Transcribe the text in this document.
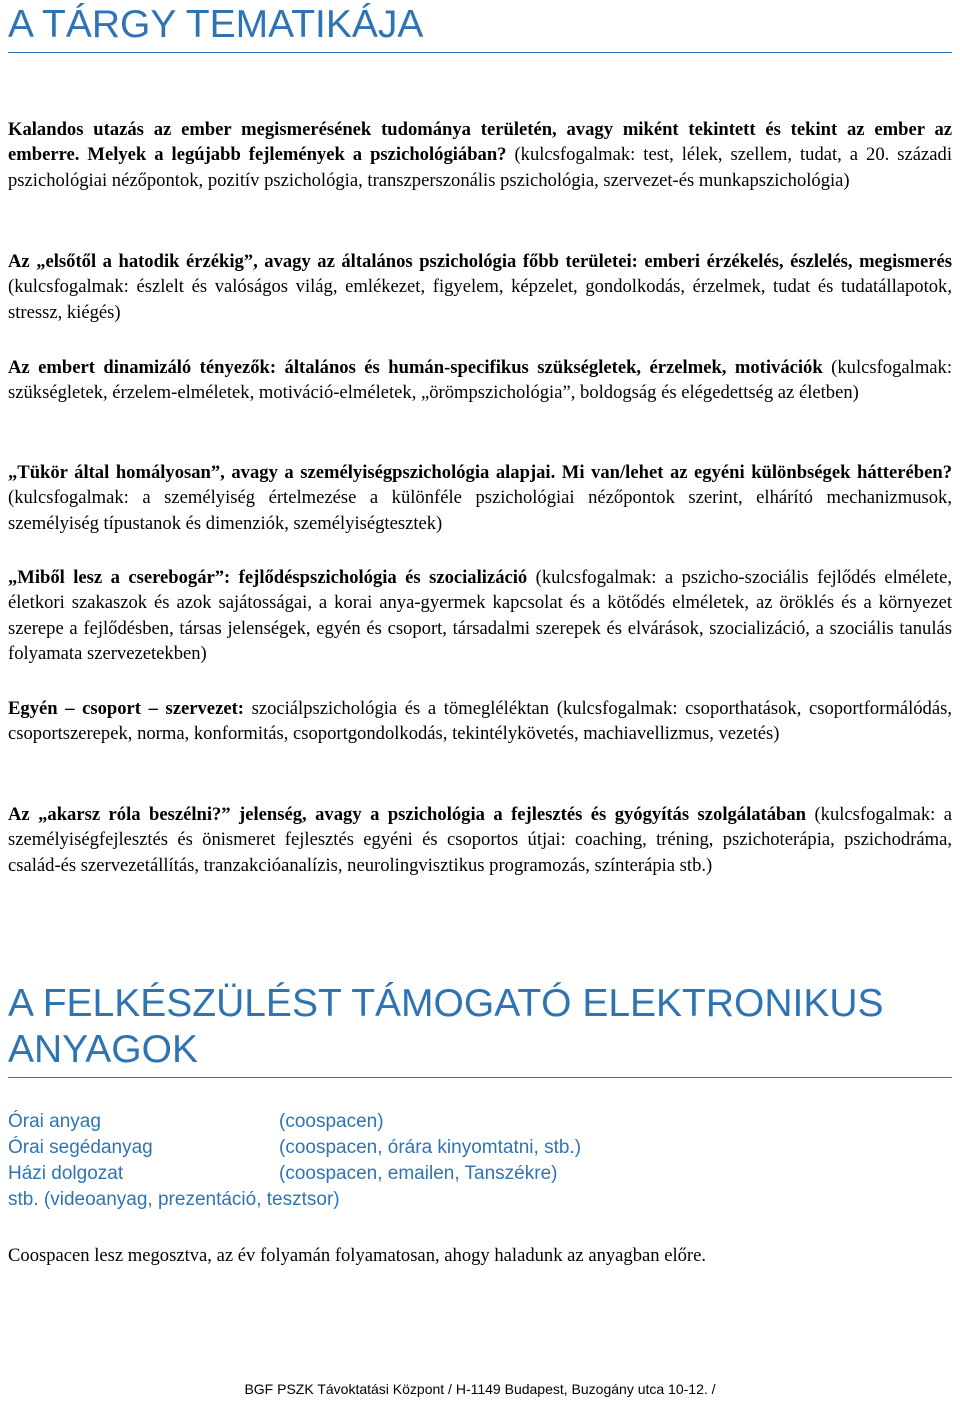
A TÁRGY TEMATIKÁJA

Kalandos utazás az ember megismerésének tudománya területén, avagy miként tekintett és tekint az ember az emberre. Melyek a legújabb fejlemények a pszichológiában? (kulcsfogalmak: test, lélek, szellem, tudat, a 20. századi pszichológiai nézőpontok, pozitív pszichológia, transzperszonális pszichológia, szervezet-és munkapszichológia)

Az „elsőtől a hatodik érzékig”, avagy az általános pszichológia főbb területei: emberi érzékelés, észlelés, megismerés (kulcsfogalmak: észlelt és valóságos világ, emlékezet, figyelem, képzelet, gondolkodás, érzelmek, tudat és tudatállapotok, stressz, kiégés)

Az embert dinamizáló tényezők: általános és humán-specifikus szükségletek, érzelmek, motivációk (kulcsfogalmak: szükségletek, érzelem-elméletek, motiváció-elméletek, „örömpszichológia”, boldogság és elégedettség az életben)

„Tükör által homályosan”, avagy a személyiségpszichológia alapjai. Mi van/lehet az egyéni különbségek hátterében? (kulcsfogalmak: a személyiség értelmezése a különféle pszichológiai nézőpontok szerint, elhárító mechanizmusok, személyiség típustanok és dimenziók, személyiségtesztek)

„Miből lesz a cserebogár”: fejlődéspszichológia és szocializáció (kulcsfogalmak: a pszicho-szociális fejlődés elmélete, életkori szakaszok és azok sajátosságai, a korai anya-gyermek kapcsolat és a kötődés elméletek, az öröklés és a környezet szerepe a fejlődésben, társas jelenségek, egyén és csoport, társadalmi szerepek és elvárások, szocializáció, a szociális tanulás folyamata szervezetekben)

Egyén – csoport – szervezet: szociálpszichológia és a tömegléléktan (kulcsfogalmak: csoporthatások, csoportformálódás, csoportszerepek, norma, konformitás, csoportgondolkodás, tekintélykövetés, machiavellizmus, vezetés)

Az „akarsz róla beszélni?” jelenség, avagy a pszichológia a fejlesztés és gyógyítás szolgálatában (kulcsfogalmak: a személyiségfejlesztés és önismeret fejlesztés egyéni és csoportos útjai: coaching, tréning, pszichoterápia, pszichodráma, család-és szervezetállítás, tranzakcióanalízis, neurolingvisztikus programozás, színterápia stb.)

A FELKÉSZÜLÉST TÁMOGATÓ ELEKTRONIKUS
ANYAGOK
Órai anyag	(coospacen)
Órai segédanyag	(coospacen, órára kinyomtatni, stb.)
Házi dolgozat	(coospacen, emailen, Tanszékre)
stb. (videoanyag, prezentáció, tesztsor)

Coospacen lesz megosztva, az év folyamán folyamatosan, ahogy haladunk az anyagban előre.

BGF PSZK Távoktatási Központ / H-1149 Budapest, Buzogány utca 10-12. /
